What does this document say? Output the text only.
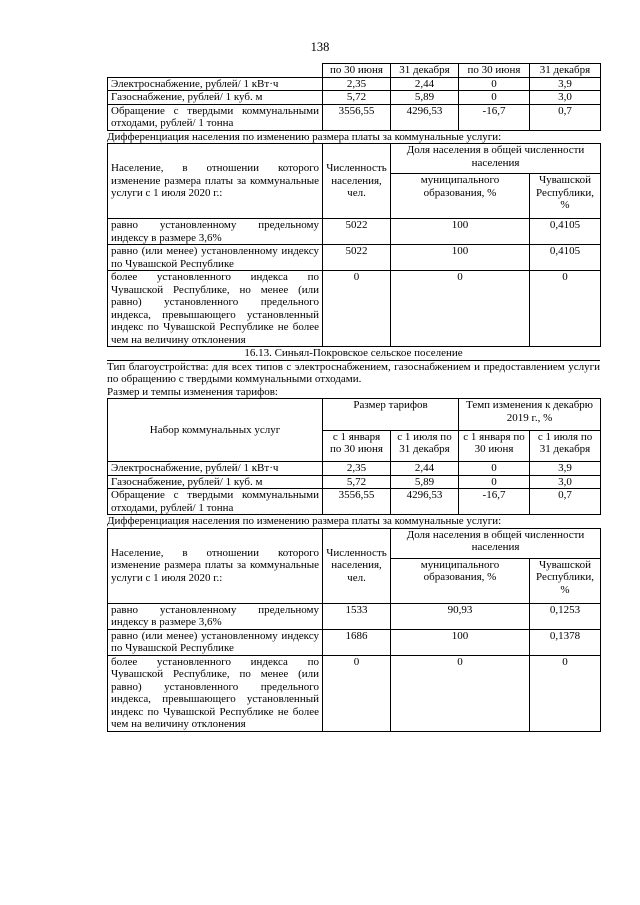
138
	по 30 июня	31 декабря	по 30 июня	31 декабря
Электроснабжение, рублей/ 1 кВт·ч	2,35	2,44	0	3,9
Газоснабжение, рублей/ 1 куб. м	5,72	5,89	0	3,0
Обращение с твердыми коммунальными отходами, рублей/ 1 тонна	3556,55	4296,53	-16,7	0,7
Дифференциация населения по изменению размера платы за коммунальные услуги:
Население, в отношении которого изменение размера платы за коммунальные услуги с 1 июля 2020 г.:	Численность населения, чел.	Доля населения в общей численности населения	
		муниципального образования, %	Чувашской Республики, %
равно установленному предельному индексу в размере 3,6%	5022	100	0,4105
равно (или менее) установленному индексу по Чувашской Республике	5022	100	0,4105
более установленного индекса по Чувашской Республике, но менее (или равно) установленного предельного индекса, превышающего установленный индекс по Чувашской Республике не более чем на величину отклонения	0	0	0
16.13. Синьял-Покровское сельское поселение
Тип благоустройства: для всех типов с электроснабжением, газоснабжением и предоставлением услуги по обращению с твердыми коммунальными отходами.
Размер и темпы изменения тарифов:
Набор коммунальных услуг	Размер тарифов		Темп изменения к декабрю 2019 г., %	
	с 1 января по 30 июня	с 1 июля по 31 декабря	с 1 января по 30 июня	с 1 июля по 31 декабря
Электроснабжение, рублей/ 1 кВт·ч	2,35	2,44	0	3,9
Газоснабжение, рублей/ 1 куб. м	5,72	5,89	0	3,0
Обращение с твердыми коммунальными отходами, рублей/ 1 тонна	3556,55	4296,53	-16,7	0,7
Дифференциация населения по изменению размера платы за коммунальные услуги:
Население, в отношении которого изменение размера платы за коммунальные услуги с 1 июля 2020 г.:	Численность населения, чел.	Доля населения в общей численности населения	
		муниципального образования, %	Чувашской Республики, %
равно установленному предельному индексу в размере 3,6%	1533	90,93	0,1253
равно (или менее) установленному индексу по Чувашской Республике	1686	100	0,1378
более установленного индекса по Чувашской Республике, по менее (или равно) установленного предельного индекса, превышающего установленный индекс по Чувашской Республике не более чем на величину отклонения	0	0	0
